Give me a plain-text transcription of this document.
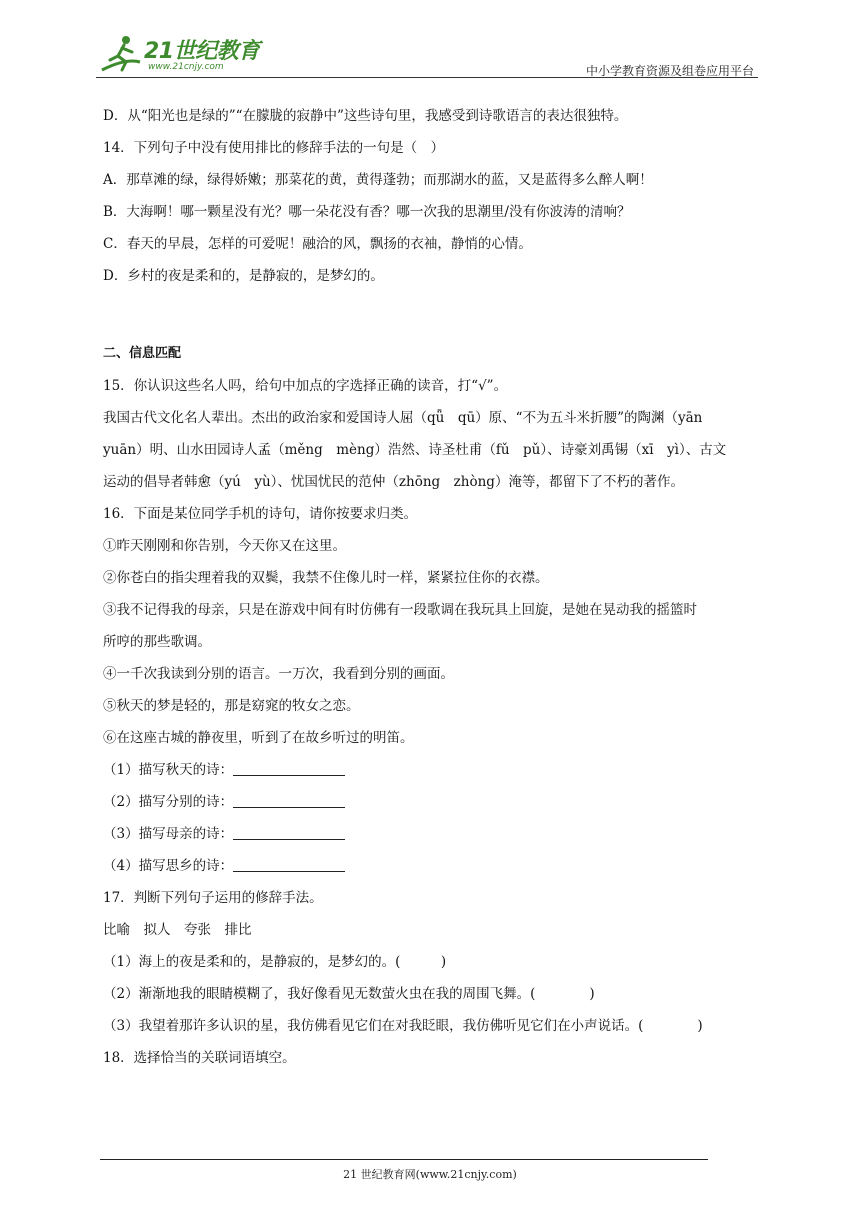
21世纪教育
www.21cnjy.com	中小学教育资源及组卷应用平台
D．从“阳光也是绿的”“在朦胧的寂静中”这些诗句里，我感受到诗歌语言的表达很独特。
14．下列句子中没有使用排比的修辞手法的一句是（　）
A．那草滩的绿，绿得娇嫩；那菜花的黄，黄得蓬勃；而那湖水的蓝，又是蓝得多么醉人啊！
B．大海啊！哪一颗星没有光？哪一朵花没有香？哪一次我的思潮里/没有你波涛的清响？
C．春天的早晨，怎样的可爱呢！融洽的风，飘扬的衣袖，静悄的心情。
D．乡村的夜是柔和的，是静寂的，是梦幻的。
二、信息匹配
15．你认识这些名人吗，给句中加点的字选择正确的读音，打“√”。
我国古代文化名人辈出。杰出的政治家和爱国诗人屈 ·（qǖ　qū）原、“不为五斗米折腰”的陶渊 ·（yān
yuān）明、山水田园诗人孟 ·（měng　mèng）浩然、诗圣杜甫 ·（fǔ　pǔ）、诗豪刘禹锡 ·（xī　yì）、古文
运动的倡导者韩愈 ·（yú　yù）、忧国忧民的范仲 ·（zhōng　zhòng）淹等，都留下了不朽的著作。
16．下面是某位同学手机的诗句，请你按要求归类。
①昨天刚刚和你告别，今天你又在这里。
②你苍白的指尖理着我的双鬓，我禁不住像儿时一样，紧紧拉住你的衣襟。
③我不记得我的母亲，只是在游戏中间有时仿佛有一段歌调在我玩具上回旋，是她在晃动我的摇篮时
所哼的那些歌调。
④一千次我读到分别的语言。一万次，我看到分别的画面。
⑤秋天的梦是轻的，那是窈窕的牧女之恋。
⑥在这座古城的静夜里，听到了在故乡听过的明笛。
（1）描写秋天的诗：
（2）描写分别的诗：
（3）描写母亲的诗：
（4）描写思乡的诗：
17．判断下列句子运用的修辞手法。
比喻　拟人　夸张　排比
（1）海上的夜是柔和的，是静寂的，是梦幻的。(　　　)
（2）渐渐地我的眼睛模糊了，我好像看见无数萤火虫在我的周围飞舞。(　　　　)
（3）我望着那许多认识的星，我仿佛看见它们在对我眨眼，我仿佛听见它们在小声说话。(　　　　)
18．选择恰当的关联词语填空。
21 世纪教育网(www.21cnjy.com)
